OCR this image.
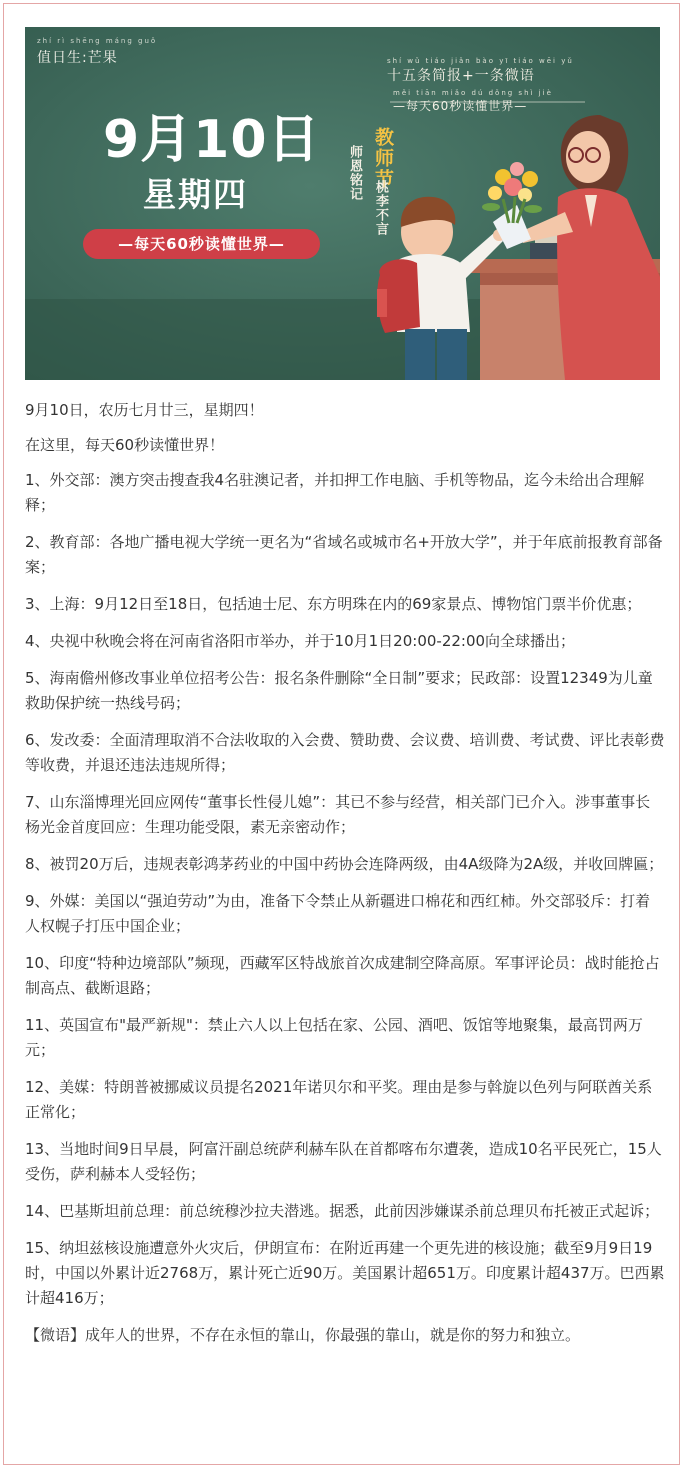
zhí rì shēng máng guǒ
值日生:芒果
9月10日
星期四
—每天60秒读懂世界—
shí wǔ tiáo jiǎn bào yī tiáo wēi yǔ
十五条简报+一条微语
měi tiān miǎo dú dǒng shì jiè
—每天60秒读懂世界—
教师节
师恩铭记
桃李不言

9月10日，农历七月廿三，星期四！

在这里，每天60秒读懂世界！

1、外交部：澳方突击搜查我4名驻澳记者，并扣押工作电脑、手机等物品，迄今未给出合理解释；

2、教育部：各地广播电视大学统一更名为“省域名或城市名+开放大学”，并于年底前报教育部备案；

3、上海：9月12日至18日，包括迪士尼、东方明珠在内的69家景点、博物馆门票半价优惠；

4、央视中秋晚会将在河南省洛阳市举办，并于10月1日20:00-22:00向全球播出；

5、海南儋州修改事业单位招考公告：报名条件删除“全日制”要求；民政部：设置12349为儿童救助保护统一热线号码；

6、发改委：全面清理取消不合法收取的入会费、赞助费、会议费、培训费、考试费、评比表彰费等收费，并退还违法违规所得；

7、山东淄博理光回应网传“董事长性侵儿媳”：其已不参与经营，相关部门已介入。涉事董事长杨光金首度回应：生理功能受限，素无亲密动作；

8、被罚20万后，违规表彰鸿茅药业的中国中药协会连降两级，由4A级降为2A级，并收回牌匾；

9、外媒：美国以“强迫劳动”为由，准备下令禁止从新疆进口棉花和西红柿。外交部驳斥：打着人权幌子打压中国企业；

10、印度“特种边境部队”频现，西藏军区特战旅首次成建制空降高原。军事评论员：战时能抢占制高点、截断退路；

11、英国宣布"最严新规"：禁止六人以上包括在家、公园、酒吧、饭馆等地聚集，最高罚两万元；

12、美媒：特朗普被挪威议员提名2021年诺贝尔和平奖。理由是参与斡旋以色列与阿联酋关系正常化；

13、当地时间9日早晨，阿富汗副总统萨利赫车队在首都喀布尔遭袭，造成10名平民死亡，15人受伤，萨利赫本人受轻伤；

14、巴基斯坦前总理：前总统穆沙拉夫潜逃。据悉，此前因涉嫌谋杀前总理贝布托被正式起诉；

15、纳坦兹核设施遭意外火灾后，伊朗宣布：在附近再建一个更先进的核设施；截至9月9日19时，中国以外累计近2768万，累计死亡近90万。美国累计超651万。印度累计超437万。巴西累计超416万；

【微语】成年人的世界，不存在永恒的靠山，你最强的靠山，就是你的努力和独立。
